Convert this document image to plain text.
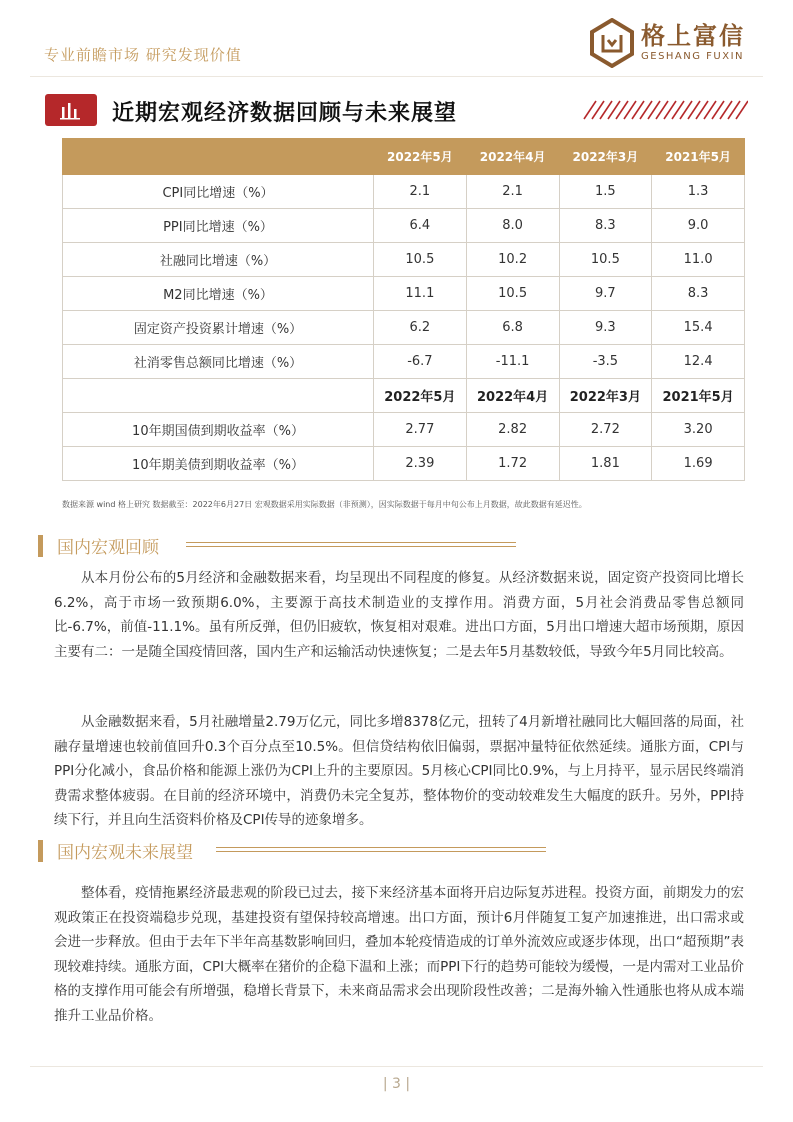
专业前瞻市场 研究发现价值
格上富信
GESHANG FUXIN
近期宏观经济数据回顾与未来展望
	2022年5月	2022年4月	2022年3月	2021年5月
CPI同比增速（%）	2.1	2.1	1.5	1.3
PPI同比增速（%）	6.4	8.0	8.3	9.0
社融同比增速（%）	10.5	10.2	10.5	11.0
M2同比增速（%）	11.1	10.5	9.7	8.3
固定资产投资累计增速（%）	6.2	6.8	9.3	15.4
社消零售总额同比增速（%）	-6.7	-11.1	-3.5	12.4
	2022年5月	2022年4月	2022年3月	2021年5月
10年期国债到期收益率（%）	2.77	2.82	2.72	3.20
10年期美债到期收益率（%）	2.39	1.72	1.81	1.69
数据来源 wind 格上研究 数据截至：2022年6月27日 宏观数据采用实际数据（非预测），因实际数据于每月中旬公布上月数据，故此数据有延迟性。
国内宏观回顾
从本月份公布的5月经济和金融数据来看，均呈现出不同程度的修复。从经济数据来说，固定资产投资同比增长6.2%，高于市场一致预期6.0%，主要源于高技术制造业的支撑作用。消费方面，5月社会消费品零售总额同比-6.7%，前值-11.1%。虽有所反弹，但仍旧疲软，恢复相对艰难。进出口方面，5月出口增速大超市场预期，原因主要有二：一是随全国疫情回落，国内生产和运输活动快速恢复；二是去年5月基数较低，导致今年5月同比较高。
从金融数据来看，5月社融增量2.79万亿元，同比多增8378亿元，扭转了4月新增社融同比大幅回落的局面，社融存量增速也较前值回升0.3个百分点至10.5%。但信贷结构依旧偏弱，票据冲量特征依然延续。通胀方面，CPI与PPI分化减小，食品价格和能源上涨仍为CPI上升的主要原因。5月核心CPI同比0.9%，与上月持平，显示居民终端消费需求整体疲弱。在目前的经济环境中，消费仍未完全复苏，整体物价的变动较难发生大幅度的跃升。另外，PPI持续下行，并且向生活资料价格及CPI传导的迹象增多。
国内宏观未来展望
整体看，疫情拖累经济最悲观的阶段已过去，接下来经济基本面将开启边际复苏进程。投资方面，前期发力的宏观政策正在投资端稳步兑现，基建投资有望保持较高增速。出口方面，预计6月伴随复工复产加速推进，出口需求或会进一步释放。但由于去年下半年高基数影响回归，叠加本轮疫情造成的订单外流效应或逐步体现，出口“超预期”表现较难持续。通胀方面，CPI大概率在猪价的企稳下温和上涨；而PPI下行的趋势可能较为缓慢，一是内需对工业品价格的支撑作用可能会有所增强，稳增长背景下，未来商品需求会出现阶段性改善；二是海外输入性通胀也将从成本端推升工业品价格。
| 3 |
